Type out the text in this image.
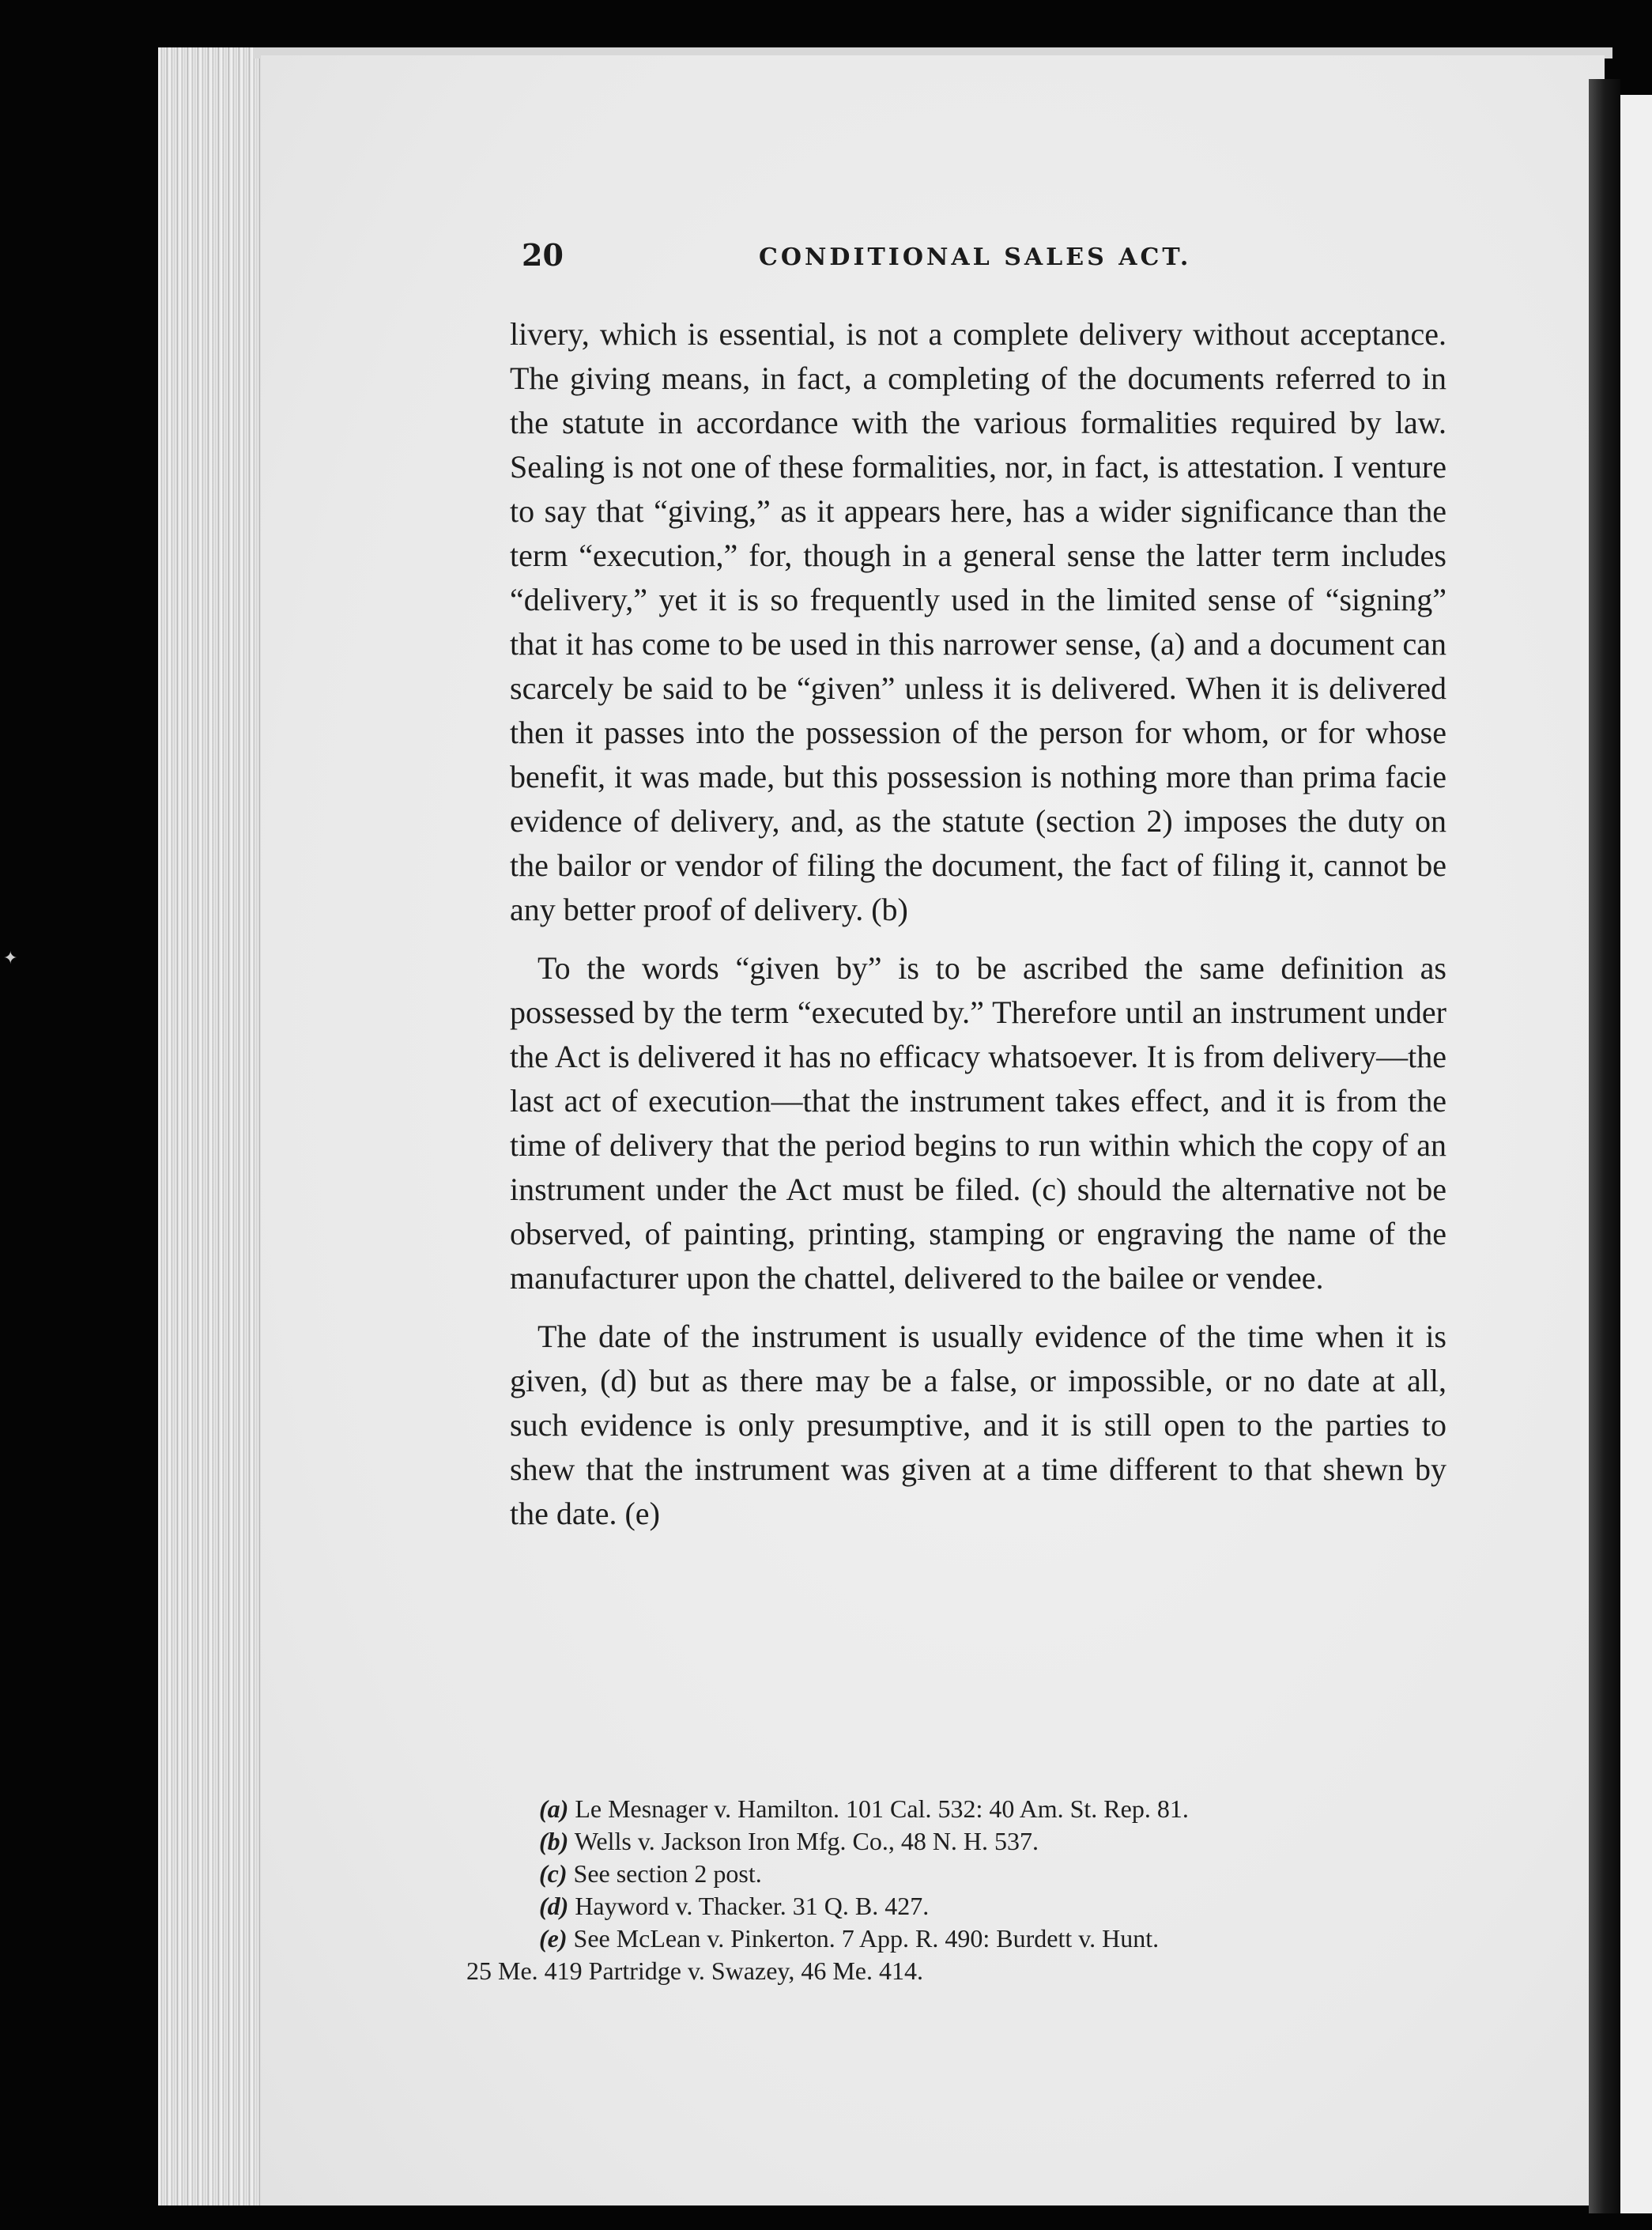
✦
20	CONDITIONAL SALES ACT.

livery, which is essential, is not a complete delivery without acceptance. The giving means, in fact, a completing of the documents referred to in the statute in accordance with the various formalities required by law. Sealing is not one of these formalities, nor, in fact, is attestation. I venture to say that “giving,” as it appears here, has a wider significance than the term “execution,” for, though in a general sense the latter term includes “delivery,” yet it is so frequently used in the limited sense of “signing” that it has come to be used in this narrower sense, (a) and a document can scarcely be said to be “given” unless it is delivered. When it is delivered then it passes into the possession of the person for whom, or for whose benefit, it was made, but this possession is nothing more than prima facie evidence of delivery, and, as the statute (section 2) imposes the duty on the bailor or vendor of filing the document, the fact of filing it, cannot be any better proof of delivery. (b)

To the words “given by” is to be ascribed the same definition as possessed by the term “executed by.” Therefore until an instrument under the Act is delivered it has no efficacy whatsoever. It is from delivery—the last act of execution—that the instrument takes effect, and it is from the time of delivery that the period begins to run within which the copy of an instrument under the Act must be filed. (c) should the alternative not be observed, of painting, printing, stamping or engraving the name of the manufacturer upon the chattel, delivered to the bailee or vendee.

The date of the instrument is usually evidence of the time when it is given, (d) but as there may be a false, or impossible, or no date at all, such evidence is only presumptive, and it is still open to the parties to shew that the instrument was given at a time different to that shewn by the date. (e)

(a) Le Mesnager v. Hamilton. 101 Cal. 532: 40 Am. St. Rep. 81.
(b) Wells v. Jackson Iron Mfg. Co., 48 N. H. 537.
(c) See section 2 post.
(d) Hayword v. Thacker. 31 Q. B. 427.
(e) See McLean v. Pinkerton. 7 App. R. 490: Burdett v. Hunt.
25 Me. 419 Partridge v. Swazey, 46 Me. 414.
